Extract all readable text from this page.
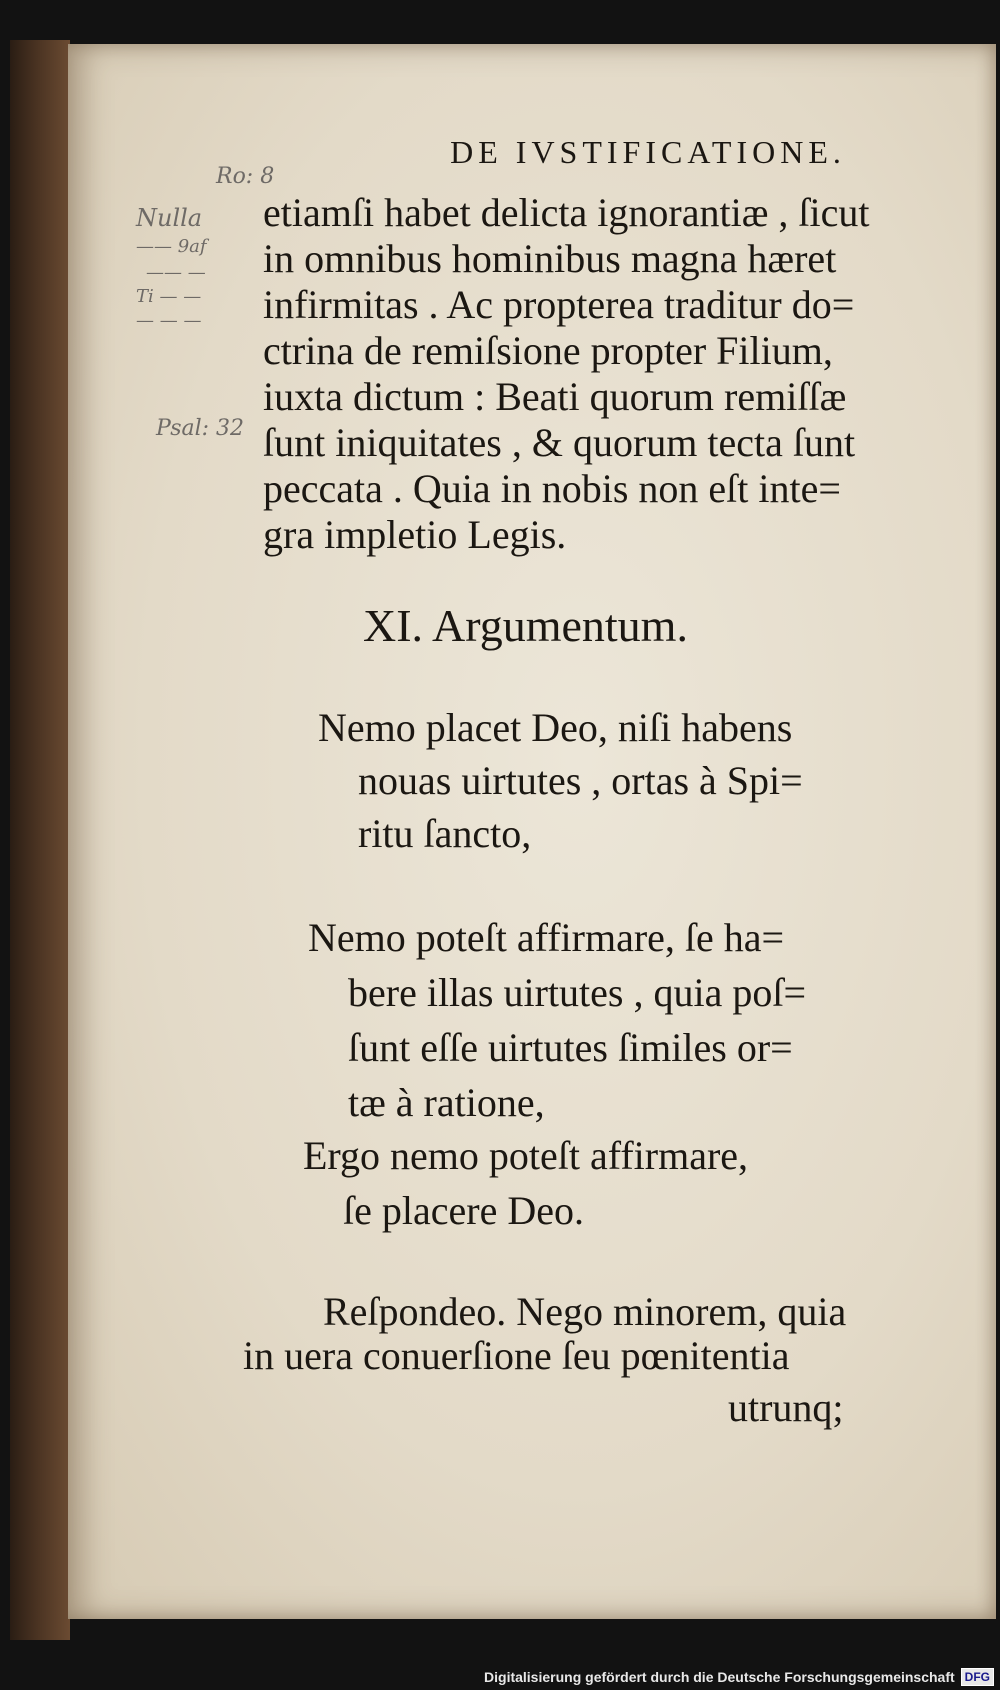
DE IVSTIFICATIONE.
Ro: 8
Nulla
—— 9af
—— —
Ti — —
— — —
Psal: 32
etiamſi habet delicta ignorantiæ , ſicut
in omnibus hominibus magna hæret
infirmitas . Ac propterea traditur do=
ctrina de remiſsione propter Filium,
iuxta dictum : Beati quorum remiſſæ
ſunt iniquitates , & quorum tecta ſunt
peccata . Quia in nobis non eſt inte=
gra impletio Legis.
XI. Argumentum.
Nemo placet Deo, niſi habens
nouas uirtutes , ortas à Spi=
ritu ſancto,
Nemo poteſt affirmare, ſe ha=
bere illas uirtutes , quia poſ=
ſunt eſſe uirtutes ſimiles or=
tæ à ratione,
Ergo nemo poteſt affirmare,
ſe placere Deo.
Reſpondeo. Nego minorem, quia
in uera conuerſione ſeu pœnitentia
utrunq;
Digitalisierung gefördert durch die Deutsche Forschungsgemeinschaft DFG
